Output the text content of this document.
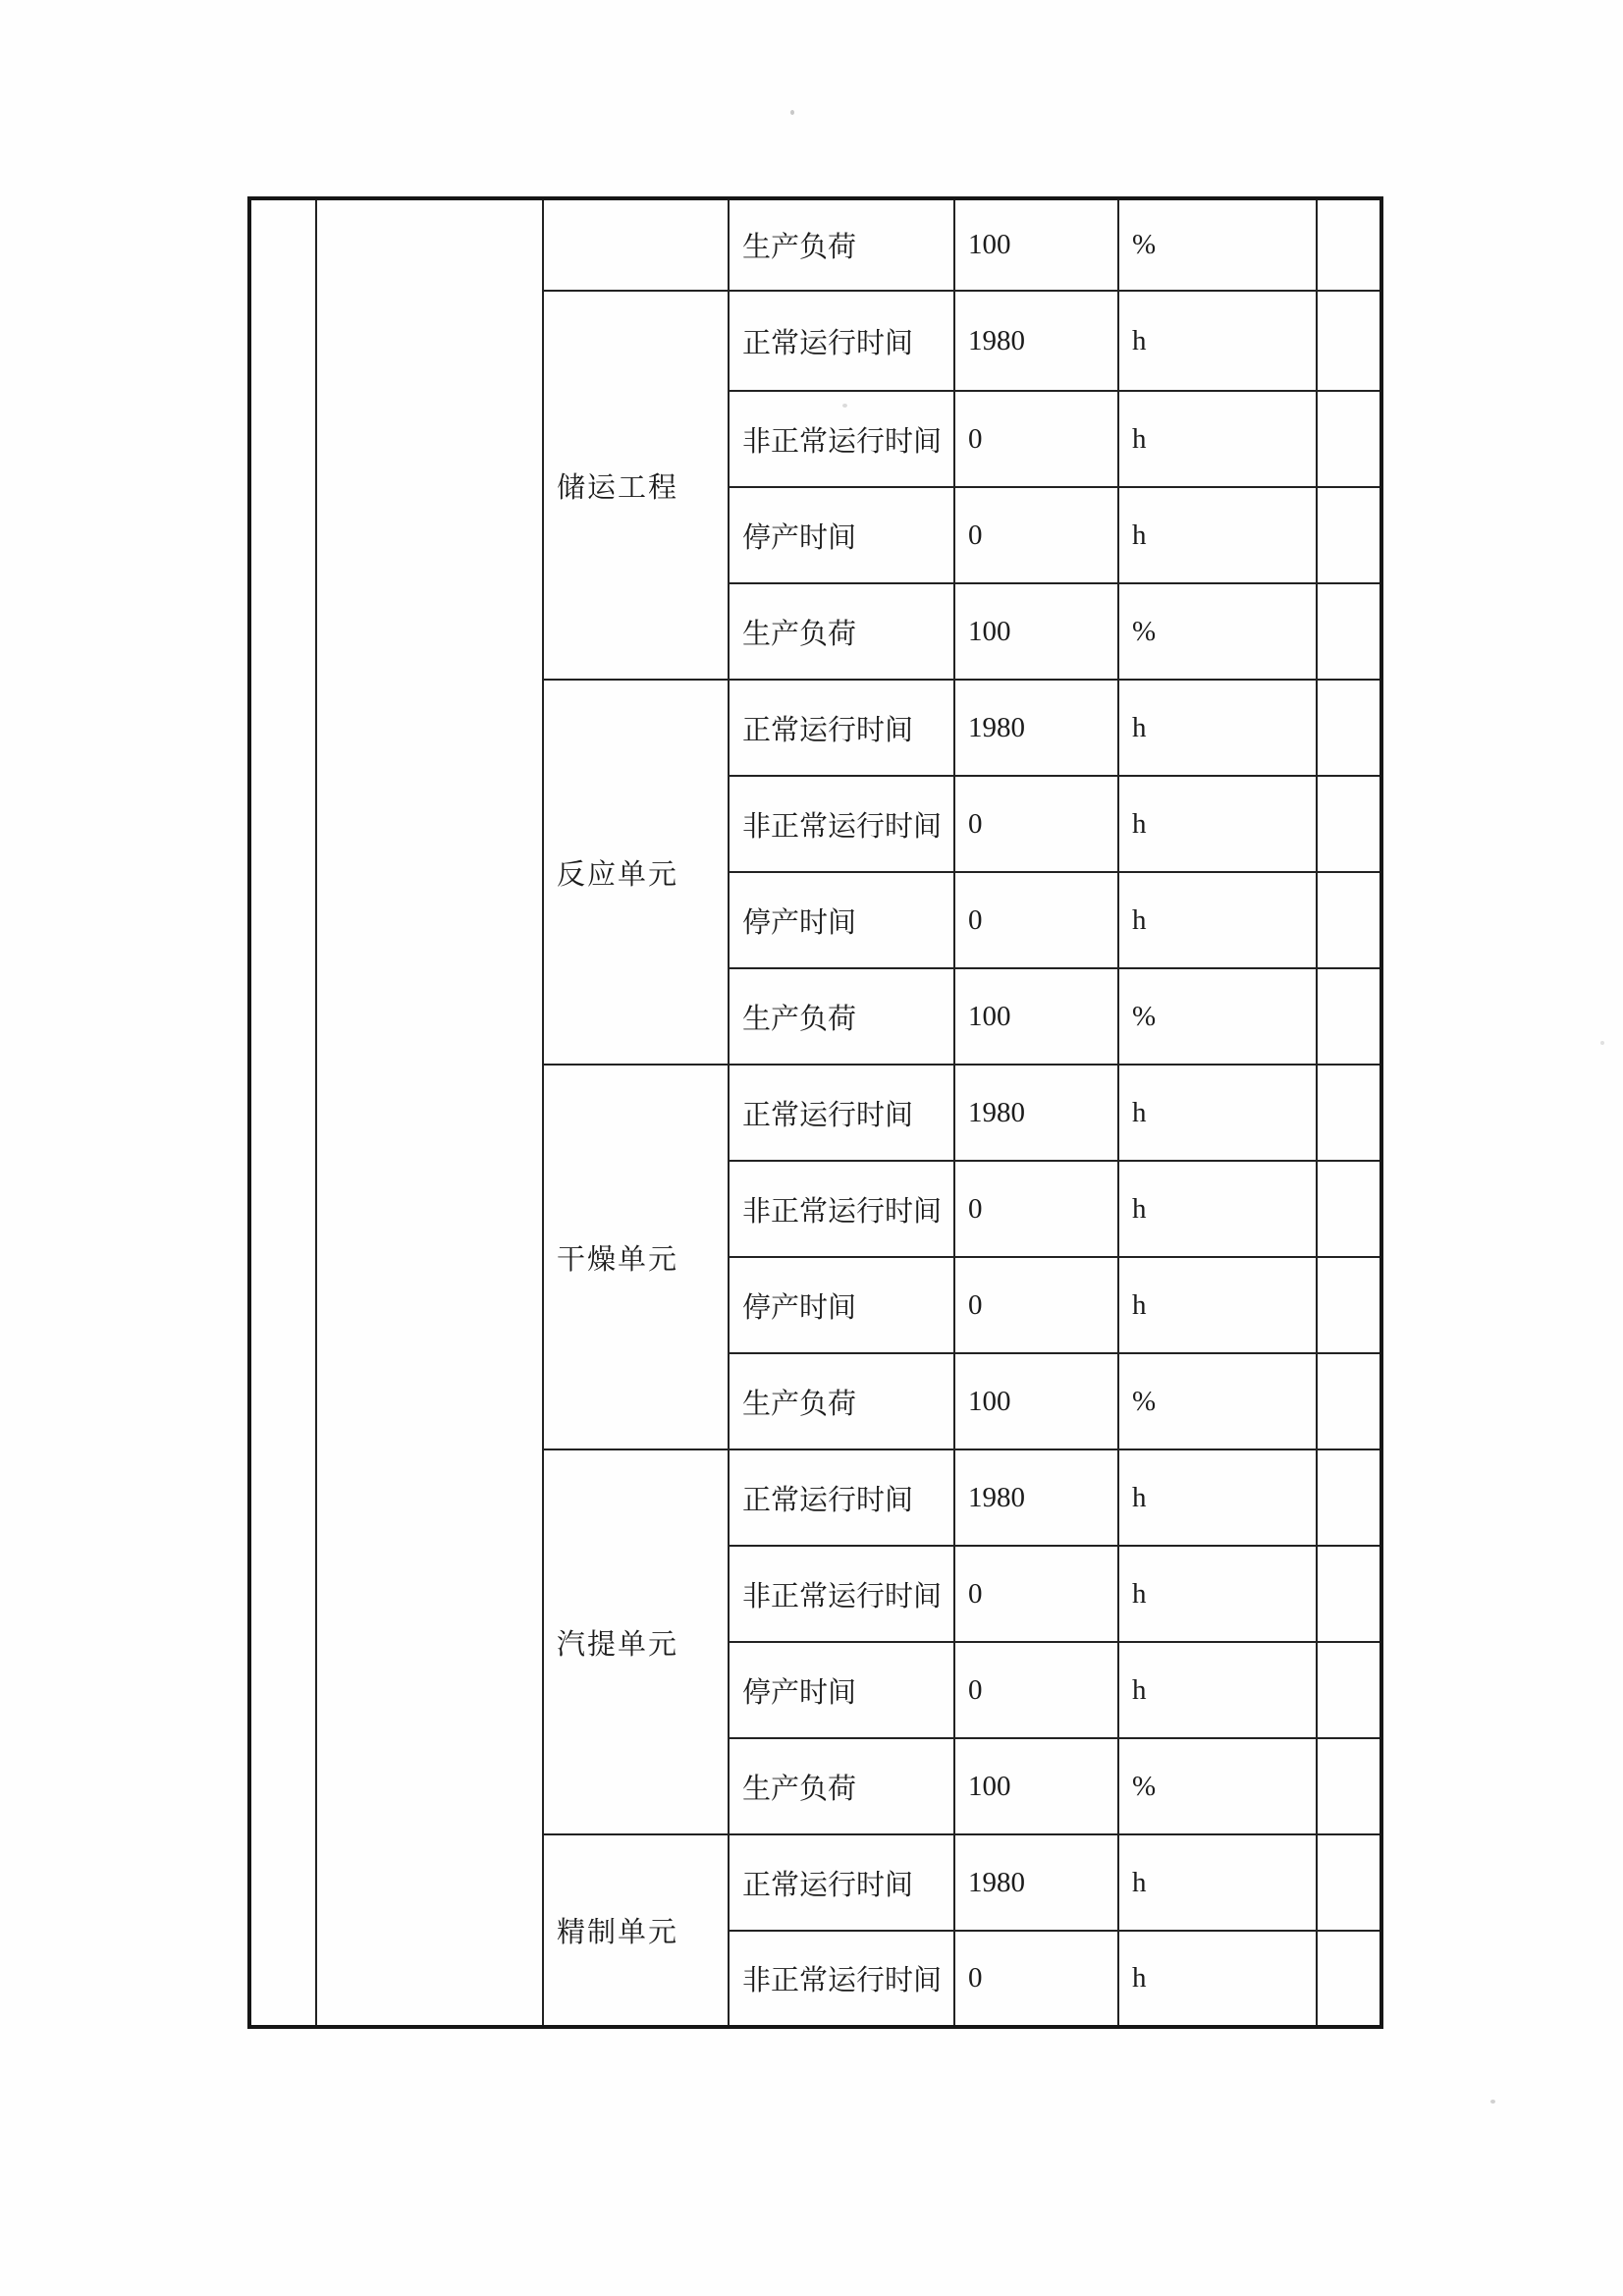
			生产负荷	100	%	
		储运工程	正常运行时间	1980	h	
			非正常运行时间	0	h	
			停产时间	0	h	
			生产负荷	100	%	
		反应单元	正常运行时间	1980	h	
			非正常运行时间	0	h	
			停产时间	0	h	
			生产负荷	100	%	
		干燥单元	正常运行时间	1980	h	
			非正常运行时间	0	h	
			停产时间	0	h	
			生产负荷	100	%	
		汽提单元	正常运行时间	1980	h	
			非正常运行时间	0	h	
			停产时间	0	h	
			生产负荷	100	%	
		精制单元	正常运行时间	1980	h	
			非正常运行时间	0	h	
